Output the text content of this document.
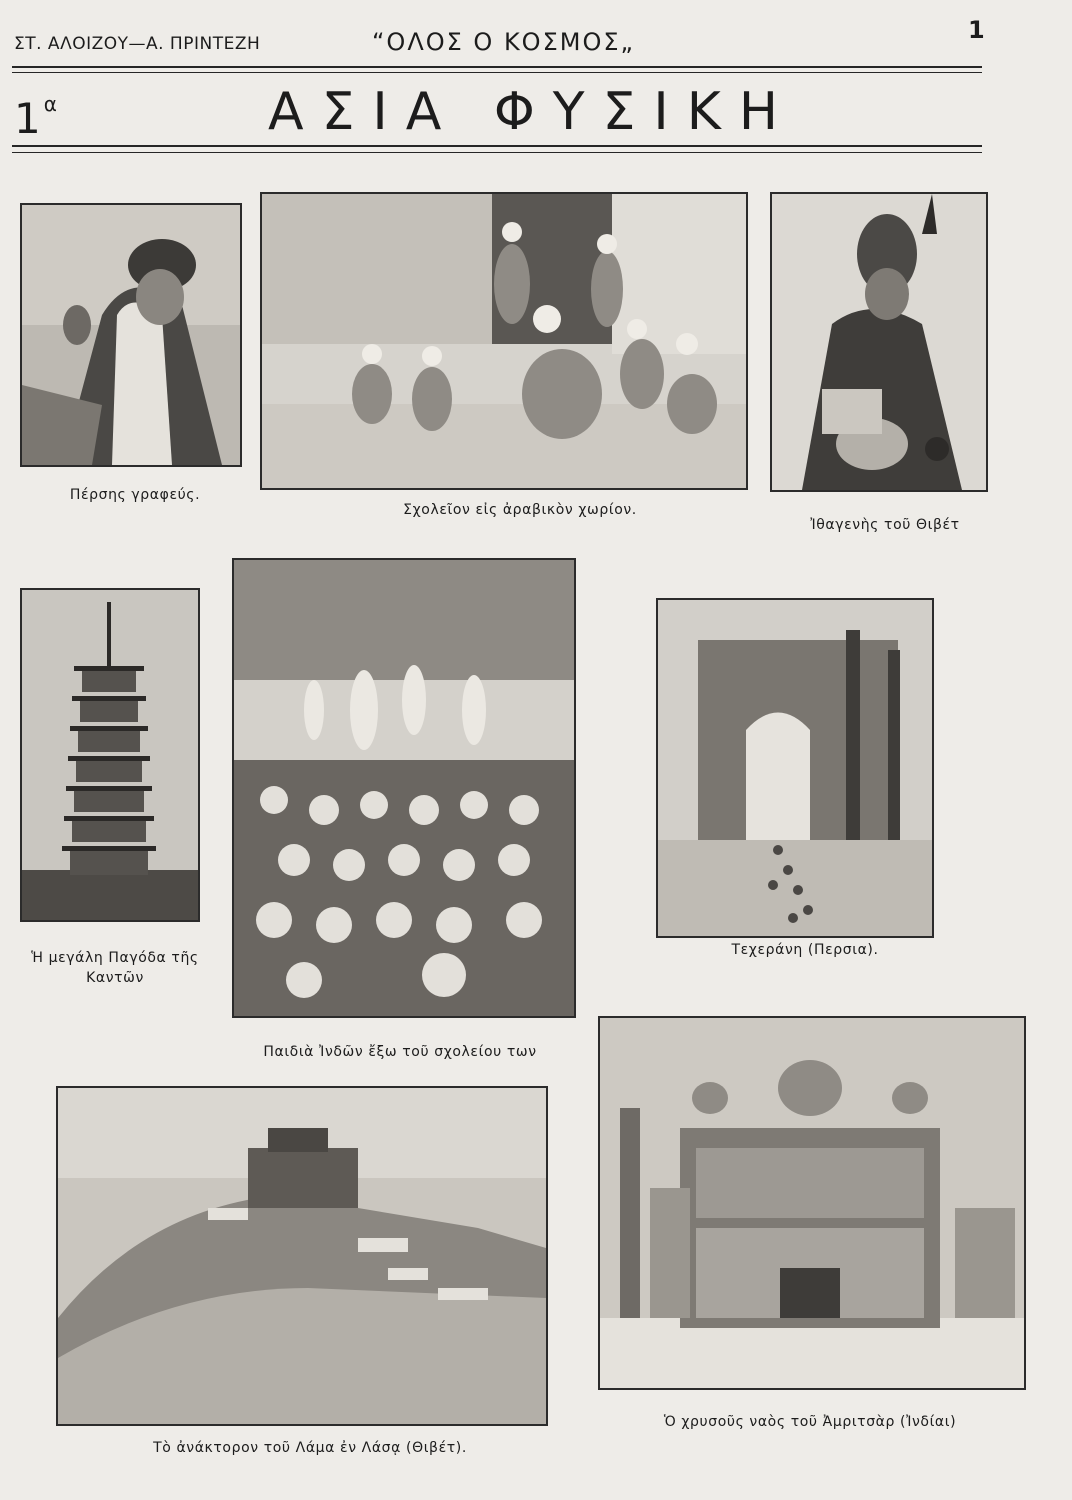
ΣΤ. ΑΛΟΙΖΟΥ—Α. ΠΡΙΝΤΕΖΗ	“ΟΛΟΣ Ο ΚΟΣΜΟΣ„	1
1 $^\alpha$	ΑΣΙΑ ΦΥΣΙΚΗ
Πέρσης γραφεύς.
Σχολεῖον εἰς ἀραβικὸν χωρίον.
Ἰθαγενὴς τοῦ Θιβέτ
Ἡ μεγάλη Παγόδα τῆς Καντῶν
Παιδιὰ Ἰνδῶν ἔξω τοῦ σχολείου των
Τεχεράνη (Περσια).
Τὸ ἀνάκτορον τοῦ Λάμα ἐν Λάσᾳ (Θιβέτ).
Ὁ χρυσοῦς ναὸς τοῦ Ἀμριτσὰρ (Ἰνδίαι)
